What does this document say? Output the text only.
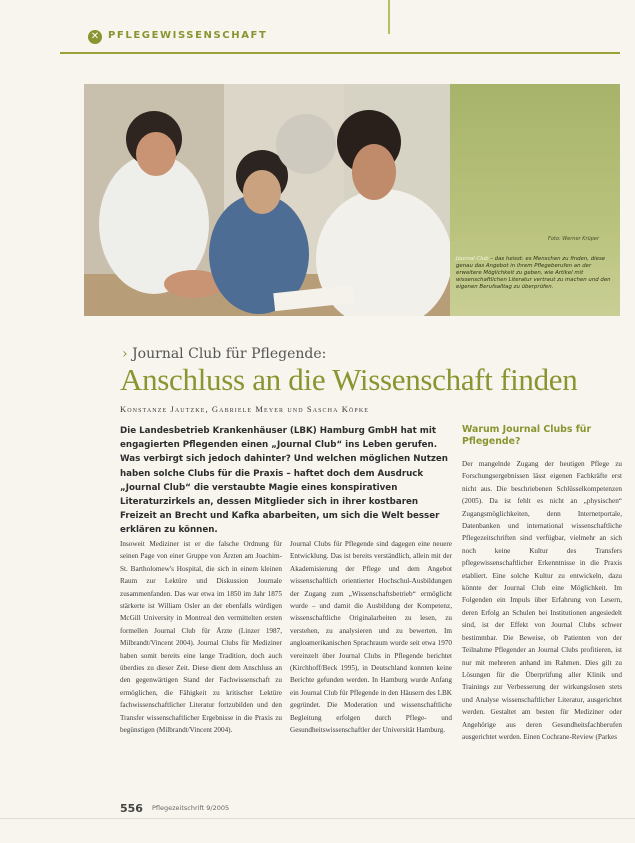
✕ PFLEGEWISSENSCHAFT
Foto: Werner Krüper
Journal Club – das heisst: es Menschen zu finden, diese genau das Angebot in ihrem Pflegeberufen an der erweitere Möglichkeit zu geben, wie Artikel mit wissenschaftlichen Literatur vertraut zu machen und den eigenen Berufsalltag zu überprüfen.
› Journal Club für Pflegende:
Anschluss an die Wissenschaft finden
Konstanze Jautzke, Gabriele Meyer und Sascha Köpke
Die Landesbetrieb Krankenhäuser (LBK) Hamburg GmbH hat mit engagierten Pflegenden einen „Journal Club“ ins Leben gerufen. Was verbirgt sich jedoch dahinter? Und welchen möglichen Nutzen haben solche Clubs für die Praxis – haftet doch dem Ausdruck „Journal Club“ die verstaubte Magie eines konspirativen Literaturzirkels an, dessen Mitglieder sich in ihrer kostbaren Freizeit an Brecht und Kafka abarbeiten, um sich die Welt besser erklären zu können.
Insoweit Mediziner ist er die falsche Ordnung für seinen Page von einer Gruppe von Ärzten am Joachim-St. Bartholomew's Hospital, die sich in einem kleinen Raum zur Lektüre und Diskussion Journale zusammenfanden. Das war etwa im 1850 im Jahr 1875 stärkerte ist William Osler an der ebenfalls würdigen McGill University in Montreal den vermittelten ersten formellen Journal Club für Ärzte (Linzer 1987, Milbrandt/Vincent 2004). Journal Clubs für Mediziner haben somit bereits eine lange Tradition, doch auch überdies zu dieser Zeit. Diese dient dem Anschluss an den gegenwärtigen Stand der Fachwissenschaft zu ermöglichen, die Fähigkeit zu kritischer Lektüre fachwissenschaftlicher Literatur fortzubilden und den Transfer wissenschaftlicher Ergebnisse in die Praxis zu begünstigen (Milbrandt/Vincent 2004).
Journal Clubs für Pflegende sind dagegen eine neuere Entwicklung. Das ist bereits verständlich, allein mit der Akademisierung der Pflege und dem Angebot wissenschaftlich orientierter Hochschul-Ausbildungen der Zugang zum „Wissenschaftsbetrieb“ ermöglicht wurde – und damit die Ausbildung der Kompetenz, wissenschaftliche Originalarbeiten zu lesen, zu verstehen, zu analysieren und zu bewerten. Im angloamerikanischen Sprachraum wurde seit etwa 1970 vereinzelt über Journal Clubs in Pflegende berichtet (Kirchhoff/Beck 1995), in Deutschland konnten keine Berichte gefunden werden. In Hamburg wurde Anfang ein Journal Club für Pflegende in den Häusern des LBK gegründet. Die Moderation und wissenschaftliche Begleitung erfolgen durch Pflege- und Gesundheitswissenschaftler der Universität Hamburg.
Warum Journal Clubs für Pflegende?
Der mangelnde Zugang der heutigen Pflege zu Forschungsergebnissen lässt eigenen Fachkräfte erst nicht aus. Die beschriebenen Schlüsselkompetenzen (2005). Da ist fehlt es nicht an „physischen“ Zugangsmöglichkeiten, denn Internetportale, Datenbanken und international wissenschaftliche Pflegezeitschriften sind verfügbar, vielmehr an sich noch keine Kultur des Transfers pflegewissenschaftlicher Erkenntnisse in die Praxis etabliert. Eine solche Kultur zu entwickeln, dazu könnte der Journal Club eine Möglichkeit. Im Folgenden ein Impuls über Erfahrung von Lesern, deren Erfolg an Schulen bei Institutionen angesiedelt sind, ist der Effekt von Journal Clubs schwer bestimmbar. Die Beweise, ob Patienten von der Teilnahme Pflegender an Journal Clubs profitieren, ist nur mit mehreren anhand im Rahmen. Dies gilt zu Lösungen für die Überprüfung aller Klinik und Trainings zur Verbesserung der wirkungslosen stets und Analyse wissenschaftlicher Literatur, ausgerichtet werden. Gestaltet am besten für Mediziner oder Angehörige aus deren Gesundheitsfachberufen ausgerichtet werden. Einen Cochrane-Review (Parkes
556 Pflegezeitschrift 9/2005
